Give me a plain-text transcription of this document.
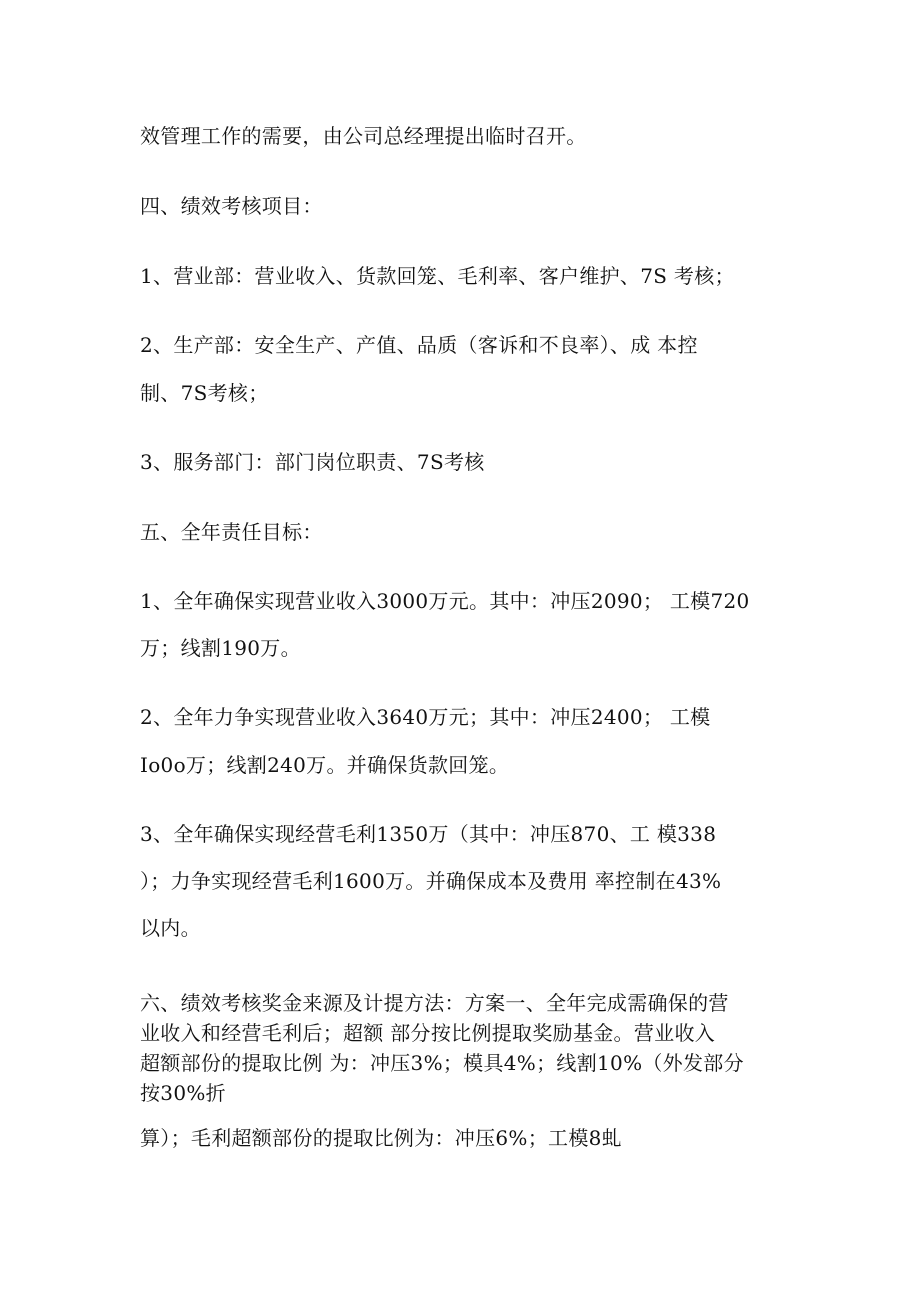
效管理工作的需要，由公司总经理提出临时召开。
四、绩效考核项目：
1、营业部：营业收入、货款回笼、毛利率、客户维护、7S 考核；
2、生产部：安全生产、产值、品质（客诉和不良率）、成 本控
制、7S考核；
3、服务部门：部门岗位职责、7S考核
五、全年责任目标：
1、全年确保实现营业收入3000万元。其中：冲压2090； 工模720
万；线割190万。
2、全年力争实现营业收入3640万元；其中：冲压2400； 工模
Io0o万；线割240万。并确保货款回笼。
3、全年确保实现经营毛利1350万（其中：冲压870、工 模338
）；力争实现经营毛利1600万。并确保成本及费用 率控制在43%
以内。
六、绩效考核奖金来源及计提方法：方案一、全年完成需确保的营
业收入和经营毛利后；超额 部分按比例提取奖励基金。营业收入
超额部份的提取比例 为：冲压3%；模具4%；线割10%（外发部分
按30%折
算）；毛利超额部份的提取比例为：冲压6%；工模8虬
